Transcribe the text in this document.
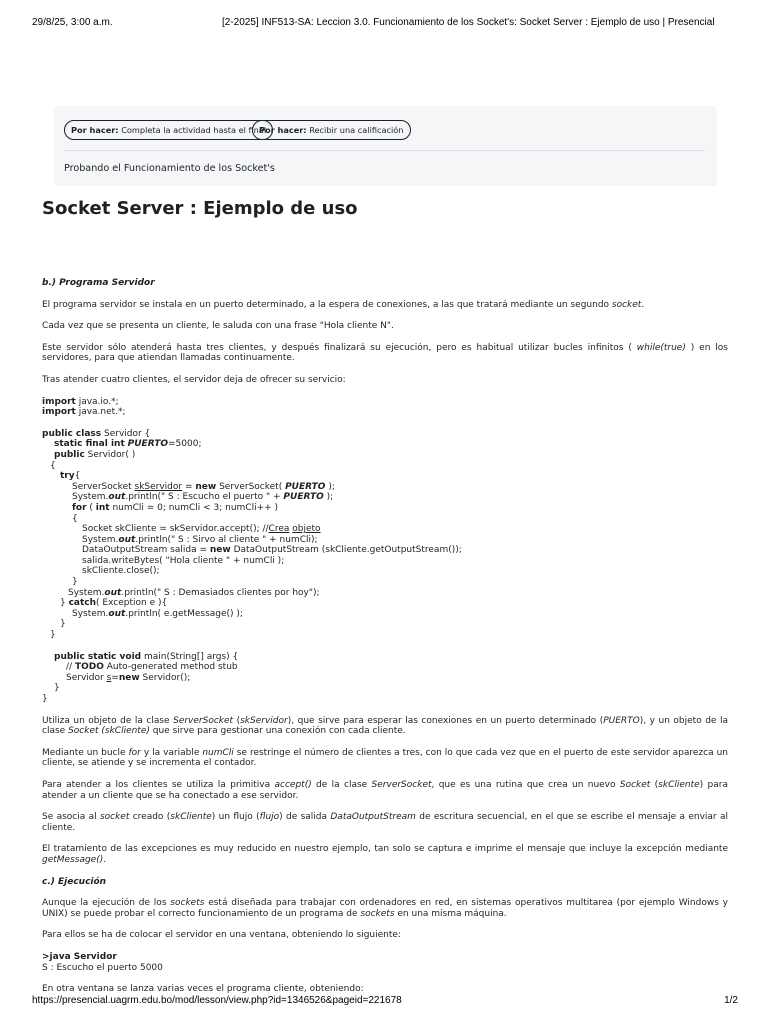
29/8/25, 3:00 a.m.	[2-2025] INF513-SA: Leccion 3.0. Funcionamiento de los Socket's: Socket Server : Ejemplo de uso | Presencial
Por hacer: Completa la actividad hasta el final
Por hacer: Recibir una calificación
Probando el Funcionamiento de los Socket's
Socket Server : Ejemplo de uso

b.) Programa Servidor

El programa servidor se instala en un puerto determinado, a la espera de conexiones, a las que tratará mediante un segundo socket.

Cada vez que se presenta un cliente, le saluda con una frase "Hola cliente N".

Este servidor sólo atenderá hasta tres clientes, y después finalizará su ejecución, pero es habitual utilizar bucles infinitos ( while(true) ) en los servidores, para que atiendan llamadas continuamente.

Tras atender cuatro clientes, el servidor deja de ofrecer su servicio:

import java.io.*;
import java.net.*;
public class Servidor {
static final int PUERTO=5000;
public Servidor( )
{
try{
ServerSocket skServidor = new ServerSocket( PUERTO );
System.out.println(" S : Escucho el puerto " + PUERTO );
for ( int numCli = 0; numCli < 3; numCli++ )
{
Socket skCliente = skServidor.accept(); //Crea objeto
System.out.println(" S : Sirvo al cliente " + numCli);
DataOutputStream salida = new DataOutputStream (skCliente.getOutputStream());
salida.writeBytes( "Hola cliente " + numCli );
skCliente.close();
}
System.out.println(" S : Demasiados clientes por hoy");
} catch( Exception e ){
System.out.println( e.getMessage() );
}
}
public static void main(String[] args) {
// TODO Auto-generated method stub
Servidor s=new Servidor();
}
}

Utiliza un objeto de la clase ServerSocket (skServidor), que sirve para esperar las conexiones en un puerto determinado (PUERTO), y un objeto de la clase Socket (skCliente) que sirve para gestionar una conexión con cada cliente.

Mediante un bucle for y la variable numCli se restringe el número de clientes a tres, con lo que cada vez que en el puerto de este servidor aparezca un cliente, se atiende y se incrementa el contador.

Para atender a los clientes se utiliza la primitiva accept() de la clase ServerSocket, que es una rutina que crea un nuevo Socket (skCliente) para atender a un cliente que se ha conectado a ese servidor.

Se asocia al socket creado (skCliente) un flujo (flujo) de salida DataOutputStream de escritura secuencial, en el que se escribe el mensaje a enviar al cliente.

El tratamiento de las excepciones es muy reducido en nuestro ejemplo, tan solo se captura e imprime el mensaje que incluye la excepción mediante getMessage().

c.) Ejecución

Aunque la ejecución de los sockets está diseñada para trabajar con ordenadores en red, en sistemas operativos multitarea (por ejemplo Windows y UNIX) se puede probar el correcto funcionamiento de un programa de sockets en una misma máquina.

Para ellos se ha de colocar el servidor en una ventana, obteniendo lo siguiente:

>java Servidor

S : Escucho el puerto 5000

En otra ventana se lanza varias veces el programa cliente, obteniendo:

https://presencial.uagrm.edu.bo/mod/lesson/view.php?id=1346526&pageid=221678	1/2
